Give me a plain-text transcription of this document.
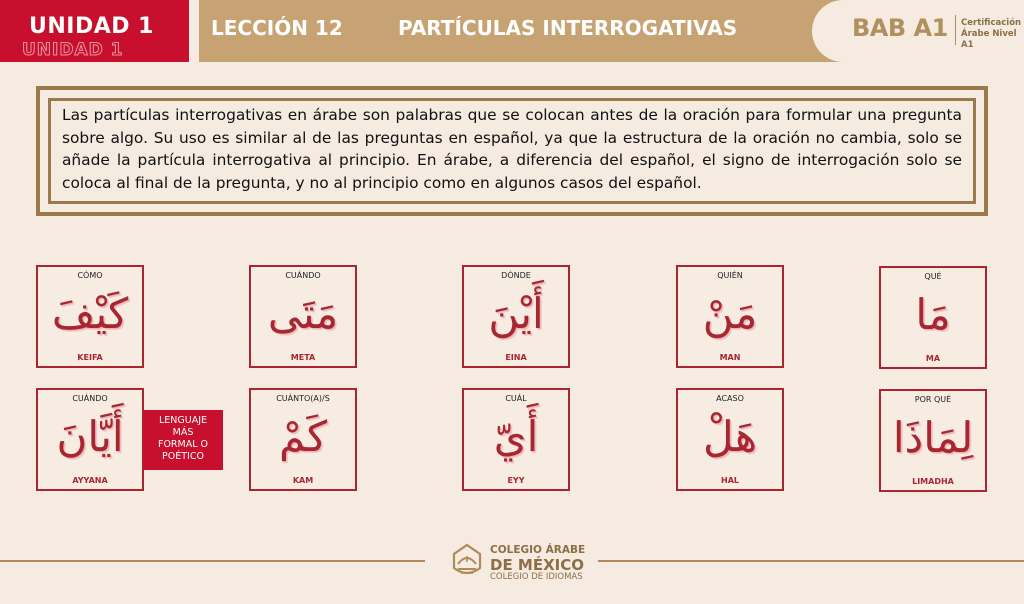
UNIDAD 1
UNIDAD 1
LECCIÓN 12	PARTÍCULAS INTERROGATIVAS	BAB A1 Certificación
Árabe Nivel A1

Las partículas interrogativas en árabe son palabras que se colocan antes de la oración para formular una pregunta sobre algo. Su uso es similar al de las preguntas en español, ya que la estructura de la oración no cambia, solo se añade la partícula interrogativa al principio. En árabe, a diferencia del español, el signo de interrogación solo se coloca al final de la pregunta, y no al principio como en algunos casos del español.

CÓMO
كَيْفَ
KEIFA
CUÁNDO
مَتَى
META
DÓNDE
أَيْنَ
EINA
QUIÉN
مَنْ
MAN
QUÉ
مَا
MA
CUÁNDO
أَيَّانَ
AYYANA
LENGUAJE
MÁS
FORMAL O
POÉTICO
CUÁNTO(A)/S
كَمْ
KAM
CUÁL
أَيّ
EYY
ACASO
هَلْ
HAL
POR QUÉ
لِمَاذَا
LIMADHA
COLEGIO ÁRABE
DE MÉXICO
COLEGIO DE IDIOMAS
